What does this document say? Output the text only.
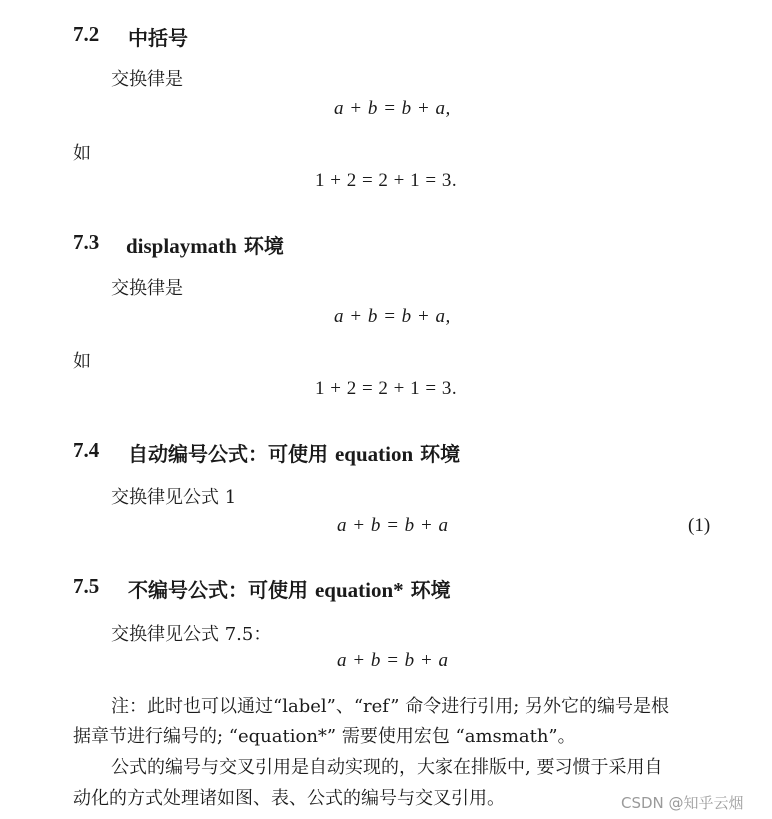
7.2 中括号
交换律是
a + b = b + a,
如
1 + 2 = 2 + 1 = 3.
7.3 displaymath 环境
交换律是
a + b = b + a,
如
1 + 2 = 2 + 1 = 3.
7.4 自动编号公式：可使用 equation 环境
交换律见公式 1
a + b = b + a	(1)
7.5 不编号公式：可使用 equation* 环境
交换律见公式 7.5：
a + b = b + a
注：此时也可以通过“label”、“ref” 命令进行引用; 另外它的编号是根
据章节进行编号的; “equation*” 需要使用宏包 “amsmath”。
公式的编号与交叉引用是自动实现的，大家在排版中, 要习惯于采用自
动化的方式处理诸如图、表、公式的编号与交叉引用。	CSDN @知乎云烟
